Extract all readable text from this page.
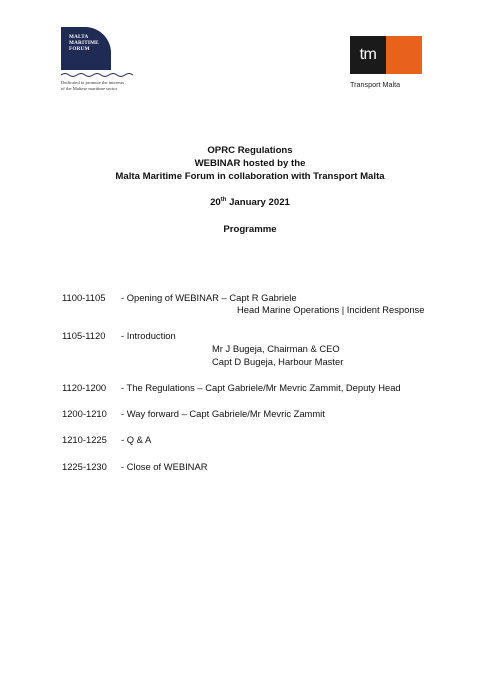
MALTA
MARITIME
FORUM
Dedicated to promote the interests
of the Maltese maritime sector
tm
Transport Malta
OPRC Regulations
WEBINAR hosted by the
Malta Maritime Forum in collaboration with Transport Malta
20th January 2021
Programme
1100-1105 - Opening of WEBINAR – Capt R Gabriele
Head Marine Operations | Incident Response
1105-1120 - Introduction
Mr J Bugeja, Chairman & CEO
Capt D Bugeja, Harbour Master
1120-1200 - The Regulations – Capt Gabriele/Mr Mevric Zammit, Deputy Head
1200-1210 - Way forward – Capt Gabriele/Mr Mevric Zammit
1210-1225 - Q & A
1225-1230 - Close of WEBINAR
